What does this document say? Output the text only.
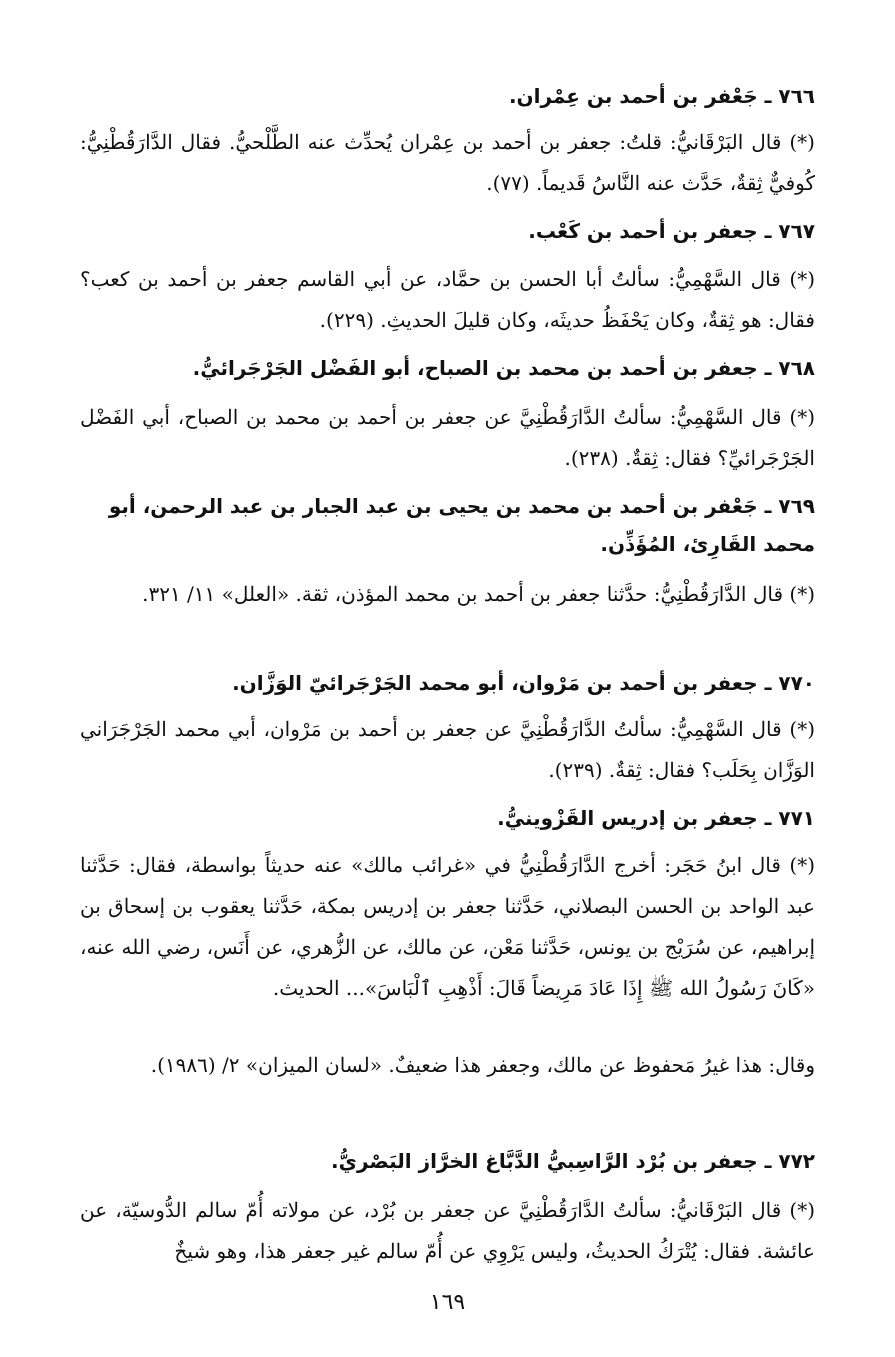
٧٦٦ ـ جَعْفر بن أحمد بن عِمْران.
(*) قال البَرْقَانيُّ: قلتُ: جعفر بن أحمد بن عِمْران يُحدِّث عنه الطَّلْحيُّ. فقال الدَّارَقُطْنِيُّ: كُوفيٌّ ثِقةٌ، حَدَّث عنه النَّاسُ قَديماً. (٧٧).
٧٦٧ ـ جعفر بن أحمد بن كَعْب.
(*) قال السَّهْمِيُّ: سألتُ أبا الحسن بن حمَّاد، عن أبي القاسم جعفر بن أحمد بن كعب؟ فقال: هو ثِقةٌ، وكان يَحْفَظُ حديثَه، وكان قليلَ الحديثِ. (٢٢٩).
٧٦٨ ـ جعفر بن أحمد بن محمد بن الصباح، أبو الفَضْل الجَرْجَرائيُّ.
(*) قال السَّهْمِيُّ: سألتُ الدَّارَقُطْنِيَّ عن جعفر بن أحمد بن محمد بن الصباح، أبي الفَضْل الجَرْجَرائيِّ؟ فقال: ثِقةٌ. (٢٣٨).
٧٦٩ ـ جَعْفر بن أحمد بن محمد بن يحيى بن عبد الجبار بن عبد الرحمن، أبو محمد القَارِئ، المُؤَذِّن.
(*) قال الدَّارَقُطْنِيُّ: حدَّثنا جعفر بن أحمد بن محمد المؤذن، ثقة. «العلل» ١١/ ٣٢١.
٧٧٠ ـ جعفر بن أحمد بن مَرْوان، أبو محمد الجَرْجَرائيّ الوَزَّان.
(*) قال السَّهْمِيُّ: سألتُ الدَّارَقُطْنِيَّ عن جعفر بن أحمد بن مَرْوان، أبي محمد الجَرْجَرَاني الوَزَّان بِحَلَب؟ فقال: ثِقةٌ. (٢٣٩).
٧٧١ ـ جعفر بن إدريس القَزْوينيُّ.
(*) قال ابنُ حَجَر: أخرج الدَّارَقُطْنِيُّ في «غرائب مالك» عنه حديثاً بواسطة، فقال: حَدَّثنا عبد الواحد بن الحسن البصلاني، حَدَّثنا جعفر بن إدريس بمكة، حَدَّثنا يعقوب بن إسحاق بن إبراهيم، عن سُرَيْج بن يونس، حَدَّثنا مَعْن، عن مالك، عن الزُّهري، عن أَنَس، رضي الله عنه، «كَانَ رَسُولُ الله ﷺ إِذَا عَادَ مَرِيضاً قَالَ: أَذْهِبِ ٱلْبَاسَ»... الحديث.
وقال: هذا غيرُ مَحفوظ عن مالك، وجعفر هذا ضعيفٌ. «لسان الميزان» ٢/ (١٩٨٦).
٧٧٢ ـ جعفر بن بُرْد الرَّاسِبيُّ الدَّبَّاغ الخرَّاز البَصْريُّ.
(*) قال البَرْقَانيُّ: سألتُ الدَّارَقُطْنِيَّ عن جعفر بن بُرْد، عن مولاته أُمّ سالم الدُّوسيّة، عن عائشة. فقال: يُتْرَكُ الحديثُ، وليس يَرْوِي عن أُمّ سالم غير جعفر هذا، وهو شيخٌ
١٦٩
